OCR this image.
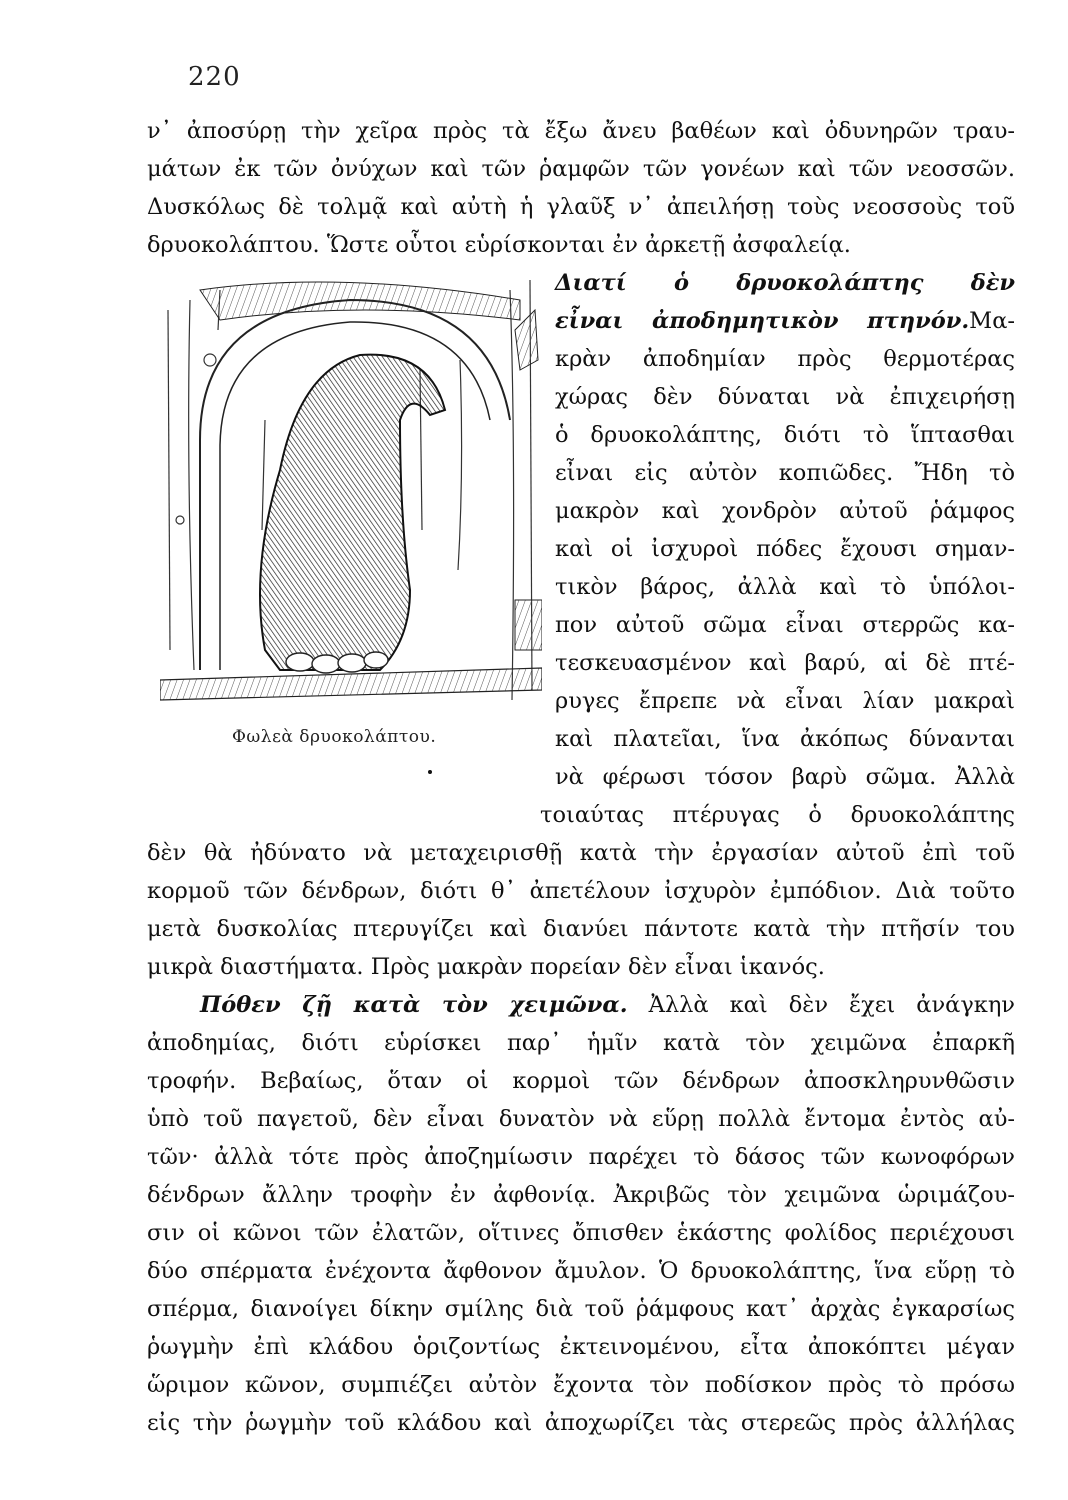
220
ν᾿ ἀποσύρῃ τὴν χεῖρα πρὸς τὰ ἔξω ἄνευ βαθέων καὶ ὀδυνηρῶν τραυ-
μάτων ἐκ τῶν ὀνύχων καὶ τῶν ῥαμφῶν τῶν γονέων καὶ τῶν νεοσσῶν.
Δυσκόλως δὲ τολμᾷ καὶ αὐτὴ ἡ γλαῦξ ν᾿ ἀπειλήσῃ τοὺς νεοσσοὺς τοῦ
δρυοκολάπτου. Ὥστε οὗτοι εὑρίσκονται ἐν ἀρκετῇ ἀσφαλείᾳ.
Διατί ὁ δρυοκολάπτης δὲν
εἶναι ἀποδημητικὸν πτηνόν.Μα-
κρὰν ἀποδημίαν πρὸς θερμοτέρας
χώρας δὲν δύναται νὰ ἐπιχειρήσῃ
ὁ δρυοκολάπτης, διότι τὸ ἵπτασθαι
εἶναι εἰς αὐτὸν κοπιῶδες. Ἤδη τὸ
μακρὸν καὶ χονδρὸν αὐτοῦ ῥάμφος
καὶ οἱ ἰσχυροὶ πόδες ἔχουσι σημαν-
τικὸν βάρος, ἀλλὰ καὶ τὸ ὑπόλοι-
πον αὐτοῦ σῶμα εἶναι στερρῶς κα-
τεσκευασμένον καὶ βαρύ, αἱ δὲ πτέ-
ρυγες ἔπρεπε νὰ εἶναι λίαν μακραὶ
καὶ πλατεῖαι, ἵνα ἀκόπως δύνανται
νὰ φέρωσι τόσον βαρὺ σῶμα. Ἀλλὰ
Φωλεὰ δρυοκολάπτου.
τοιαύτας πτέρυγας ὁ δρυοκολάπτης
δὲν θὰ ἠδύνατο νὰ μεταχειρισθῇ κατὰ τὴν ἐργασίαν αὐτοῦ ἐπὶ τοῦ
κορμοῦ τῶν δένδρων, διότι θ᾿ ἀπετέλουν ἰσχυρὸν ἐμπόδιον. Διὰ τοῦτο
μετὰ δυσκολίας πτερυγίζει καὶ διανύει πάντοτε κατὰ τὴν πτῆσίν του
μικρὰ διαστήματα. Πρὸς μακρὰν πορείαν δὲν εἶναι ἱκανός.
Πόθεν ζῇ κατὰ τὸν χειμῶνα. Ἀλλὰ καὶ δὲν ἔχει ἀνάγκην
ἀποδημίας, διότι εὑρίσκει παρ᾿ ἡμῖν κατὰ τὸν χειμῶνα ἐπαρκῆ
τροφήν. Βεβαίως, ὅταν οἱ κορμοὶ τῶν δένδρων ἀποσκληρυνθῶσιν
ὑπὸ τοῦ παγετοῦ, δὲν εἶναι δυνατὸν νὰ εὕρῃ πολλὰ ἔντομα ἐντὸς αὐ-
τῶν· ἀλλὰ τότε πρὸς ἀποζημίωσιν παρέχει τὸ δάσος τῶν κωνοφόρων
δένδρων ἄλλην τροφὴν ἐν ἀφθονίᾳ. Ἀκριβῶς τὸν χειμῶνα ὡριμάζου-
σιν οἱ κῶνοι τῶν ἐλατῶν, οἵτινες ὄπισθεν ἑκάστης φολίδος περιέχουσι
δύο σπέρματα ἐνέχοντα ἄφθονον ἄμυλον. Ὁ δρυοκολάπτης, ἵνα εὕρῃ τὸ
σπέρμα, διανοίγει δίκην σμίλης διὰ τοῦ ῥάμφους κατ᾿ ἀρχὰς ἐγκαρσίως
ῥωγμὴν ἐπὶ κλάδου ὁριζοντίως ἐκτεινομένου, εἶτα ἀποκόπτει μέγαν
ὥριμον κῶνον, συμπιέζει αὐτὸν ἔχοντα τὸν ποδίσκον πρὸς τὸ πρόσω
εἰς τὴν ῥωγμὴν τοῦ κλάδου καὶ ἀποχωρίζει τὰς στερεῶς πρὸς ἀλλήλας
